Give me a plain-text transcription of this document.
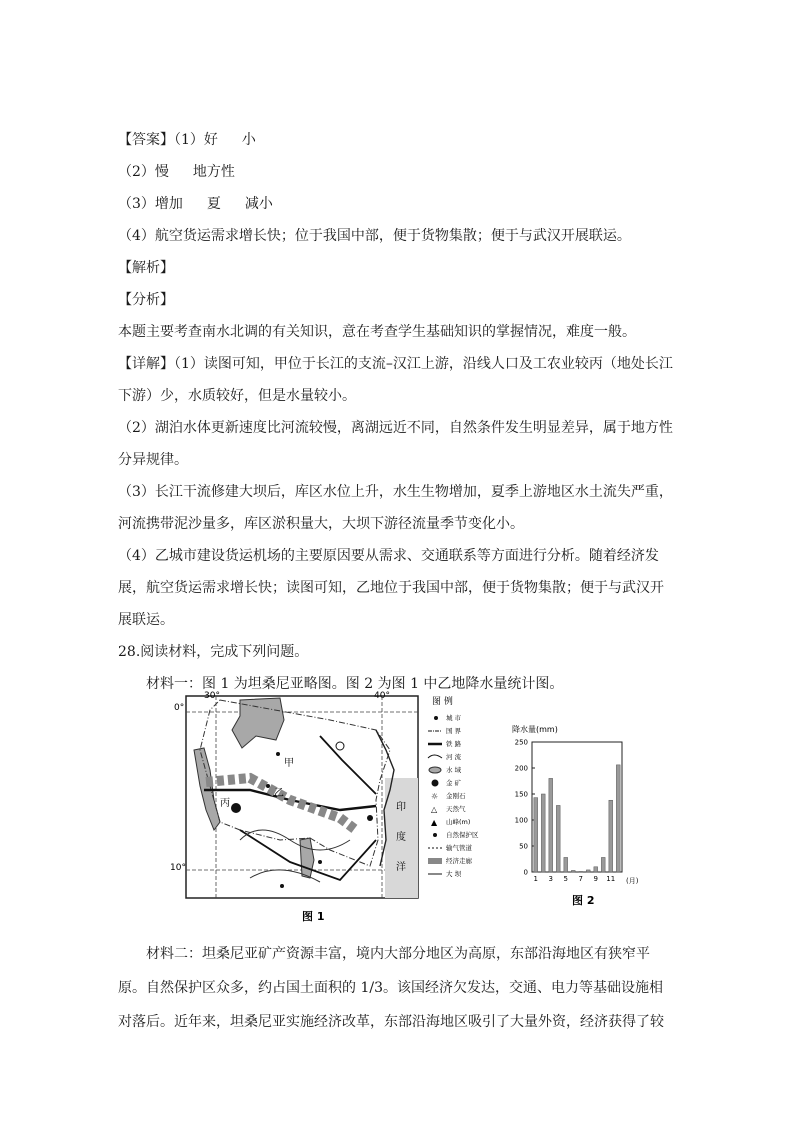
【答案】（1）好 小
（2）慢 地方性
（3）增加 夏 减小
（4）航空货运需求增长快；位于我国中部，便于货物集散；便于与武汉开展联运。
【解析】
【分析】
本题主要考查南水北调的有关知识，意在考查学生基础知识的掌握情况，难度一般。
【详解】（1）读图可知，甲位于长江的支流–汉江上游，沿线人口及工农业较丙（地处长江
下游）少，水质较好，但是水量较小。
（2）湖泊水体更新速度比河流较慢，离湖远近不同，自然条件发生明显差异，属于地方性
分异规律。
（3）长江干流修建大坝后，库区水位上升，水生生物增加，夏季上游地区水土流失严重，
河流携带泥沙量多，库区淤积量大，大坝下游径流量季节变化小。
（4）乙城市建设货运机场的主要原因要从需求、交通联系等方面进行分析。随着经济发
展，航空货运需求增长快；读图可知，乙地位于我国中部，便于货物集散；便于与武汉开
展联运。
28.阅读材料，完成下列问题。
材料一：图 1 为坦桑尼亚略图。图 2 为图 1 中乙地降水量统计图。
30°	40°
0°
10°
印
度
洋
甲
乙
丙
图 例
城 市
国 界
铁 路
河 流
水 域
金 矿
金刚石
天然气
山峰(m)
自然保护区
输气管道
经济走廊
大 坝
☼
△
▲
图 1
降水量(mm)
0
50
100
150
200
250
1 3 5 7 9 11 (月)
图 2
材料二：坦桑尼亚矿产资源丰富，境内大部分地区为高原，东部沿海地区有狭窄平
原。自然保护区众多，约占国土面积的 1/3。该国经济欠发达，交通、电力等基础设施相
对落后。近年来，坦桑尼亚实施经济改革，东部沿海地区吸引了大量外资，经济获得了较
